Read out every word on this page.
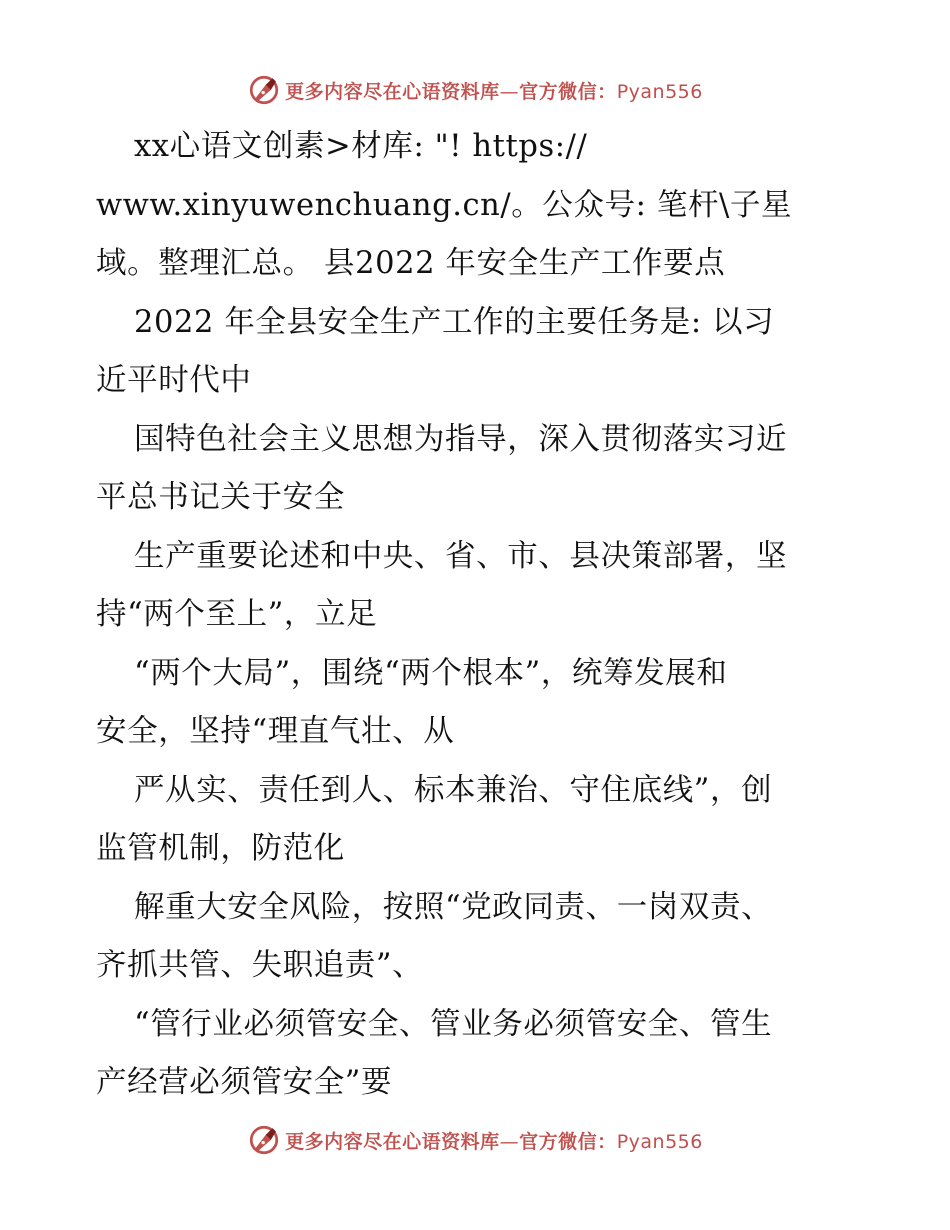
更多内容尽在心语资料库—官方微信：Pyan556

xx心语文创素>材库: "! https://
www.xinyuwenchuang.cn/。公众号: 笔杆\子星
域。整理汇总。 县2022 年安全生产工作要点

2022 年全县安全生产工作的主要任务是: 以习
近平时代中

国特色社会主义思想为指导，深入贯彻落实习近
平总书记关于安全

生产重要论述和中央、省、市、县决策部署，坚
持“两个至上”，立足

“两个大局”，围绕“两个根本”，统筹发展和
安全，坚持“理直气壮、从

严从实、责任到人、标本兼治、守住底线”，创
监管机制，防范化

解重大安全风险，按照“党政同责、一岗双责、
齐抓共管、失职追责”、

“管行业必须管安全、管业务必须管安全、管生
产经营必须管安全”要

更多内容尽在心语资料库—官方微信：Pyan556
